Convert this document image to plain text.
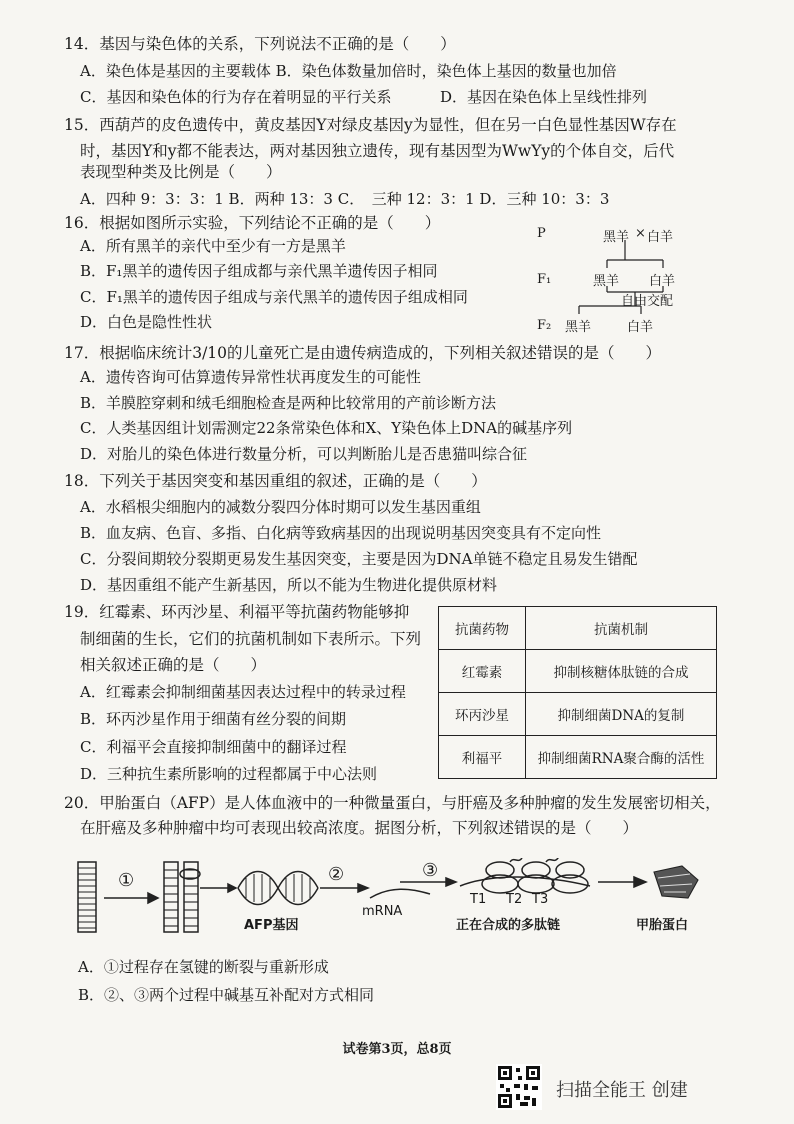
14．基因与染色体的关系，下列说法不正确的是（　　）
A．染色体是基因的主要载体 B．染色体数量加倍时，染色体上基因的数量也加倍
C．基因和染色体的行为存在着明显的平行关系	D．基因在染色体上呈线性排列
15．西葫芦的皮色遗传中，黄皮基因Y对绿皮基因y为显性，但在另一白色显性基因W存在
时，基因Y和y都不能表达，两对基因独立遗传，现有基因型为WwYy的个体自交，后代
表现型种类及比例是（　　）
A．四种 9：3：3：1 B．两种 13：3 C．　三种 12：3：1 D．三种 10：3：3
16．根据如图所示实验，下列结论不正确的是（　　）
A．所有黑羊的亲代中至少有一方是黑羊
B．F₁黑羊的遗传因子组成都与亲代黑羊遗传因子相同
C．F₁黑羊的遗传因子组成与亲代黑羊的遗传因子组成相同
D．白色是隐性性状
P	黑羊 × 白羊
F₁	黑羊 白羊
自由交配
F₂ 黑羊	白羊
17．根据临床统计3/10的儿童死亡是由遗传病造成的，下列相关叙述错误的是（　　）
A．遗传咨询可估算遗传异常性状再度发生的可能性
B．羊膜腔穿刺和绒毛细胞检查是两种比较常用的产前诊断方法
C．人类基因组计划需测定22条常染色体和X、Y染色体上DNA的碱基序列
D．对胎儿的染色体进行数量分析，可以判断胎儿是否患猫叫综合征
18．下列关于基因突变和基因重组的叙述，正确的是（　　）
A．水稻根尖细胞内的减数分裂四分体时期可以发生基因重组
B．血友病、色盲、多指、白化病等致病基因的出现说明基因突变具有不定向性
C．分裂间期较分裂期更易发生基因突变，主要是因为DNA单链不稳定且易发生错配
D．基因重组不能产生新基因，所以不能为生物进化提供原材料
19．红霉素、环丙沙星、利福平等抗菌药物能够抑
制细菌的生长，它们的抗菌机制如下表所示。下列
相关叙述正确的是（　　）
A．红霉素会抑制细菌基因表达过程中的转录过程
B．环丙沙星作用于细菌有丝分裂的间期
C．利福平会直接抑制细菌中的翻译过程
D．三种抗生素所影响的过程都属于中心法则
抗菌药物	抗菌机制
红霉素	抑制核糖体肽链的合成
环丙沙星	抑制细菌DNA的复制
利福平	抑制细菌RNA聚合酶的活性
20．甲胎蛋白（AFP）是人体血液中的一种微量蛋白，与肝癌及多种肿瘤的发生发展密切相关，
在肝癌及多种肿瘤中均可表现出较高浓度。据图分析，下列叙述错误的是（　　）
①	②	③
AFP基因
mRNA
T1 T2 T3
正在合成的多肽链	甲胎蛋白
A．①过程存在氢键的断裂与重新形成
B．②、③两个过程中碱基互补配对方式相同
试卷第3页，总8页
扫描全能王 创建
